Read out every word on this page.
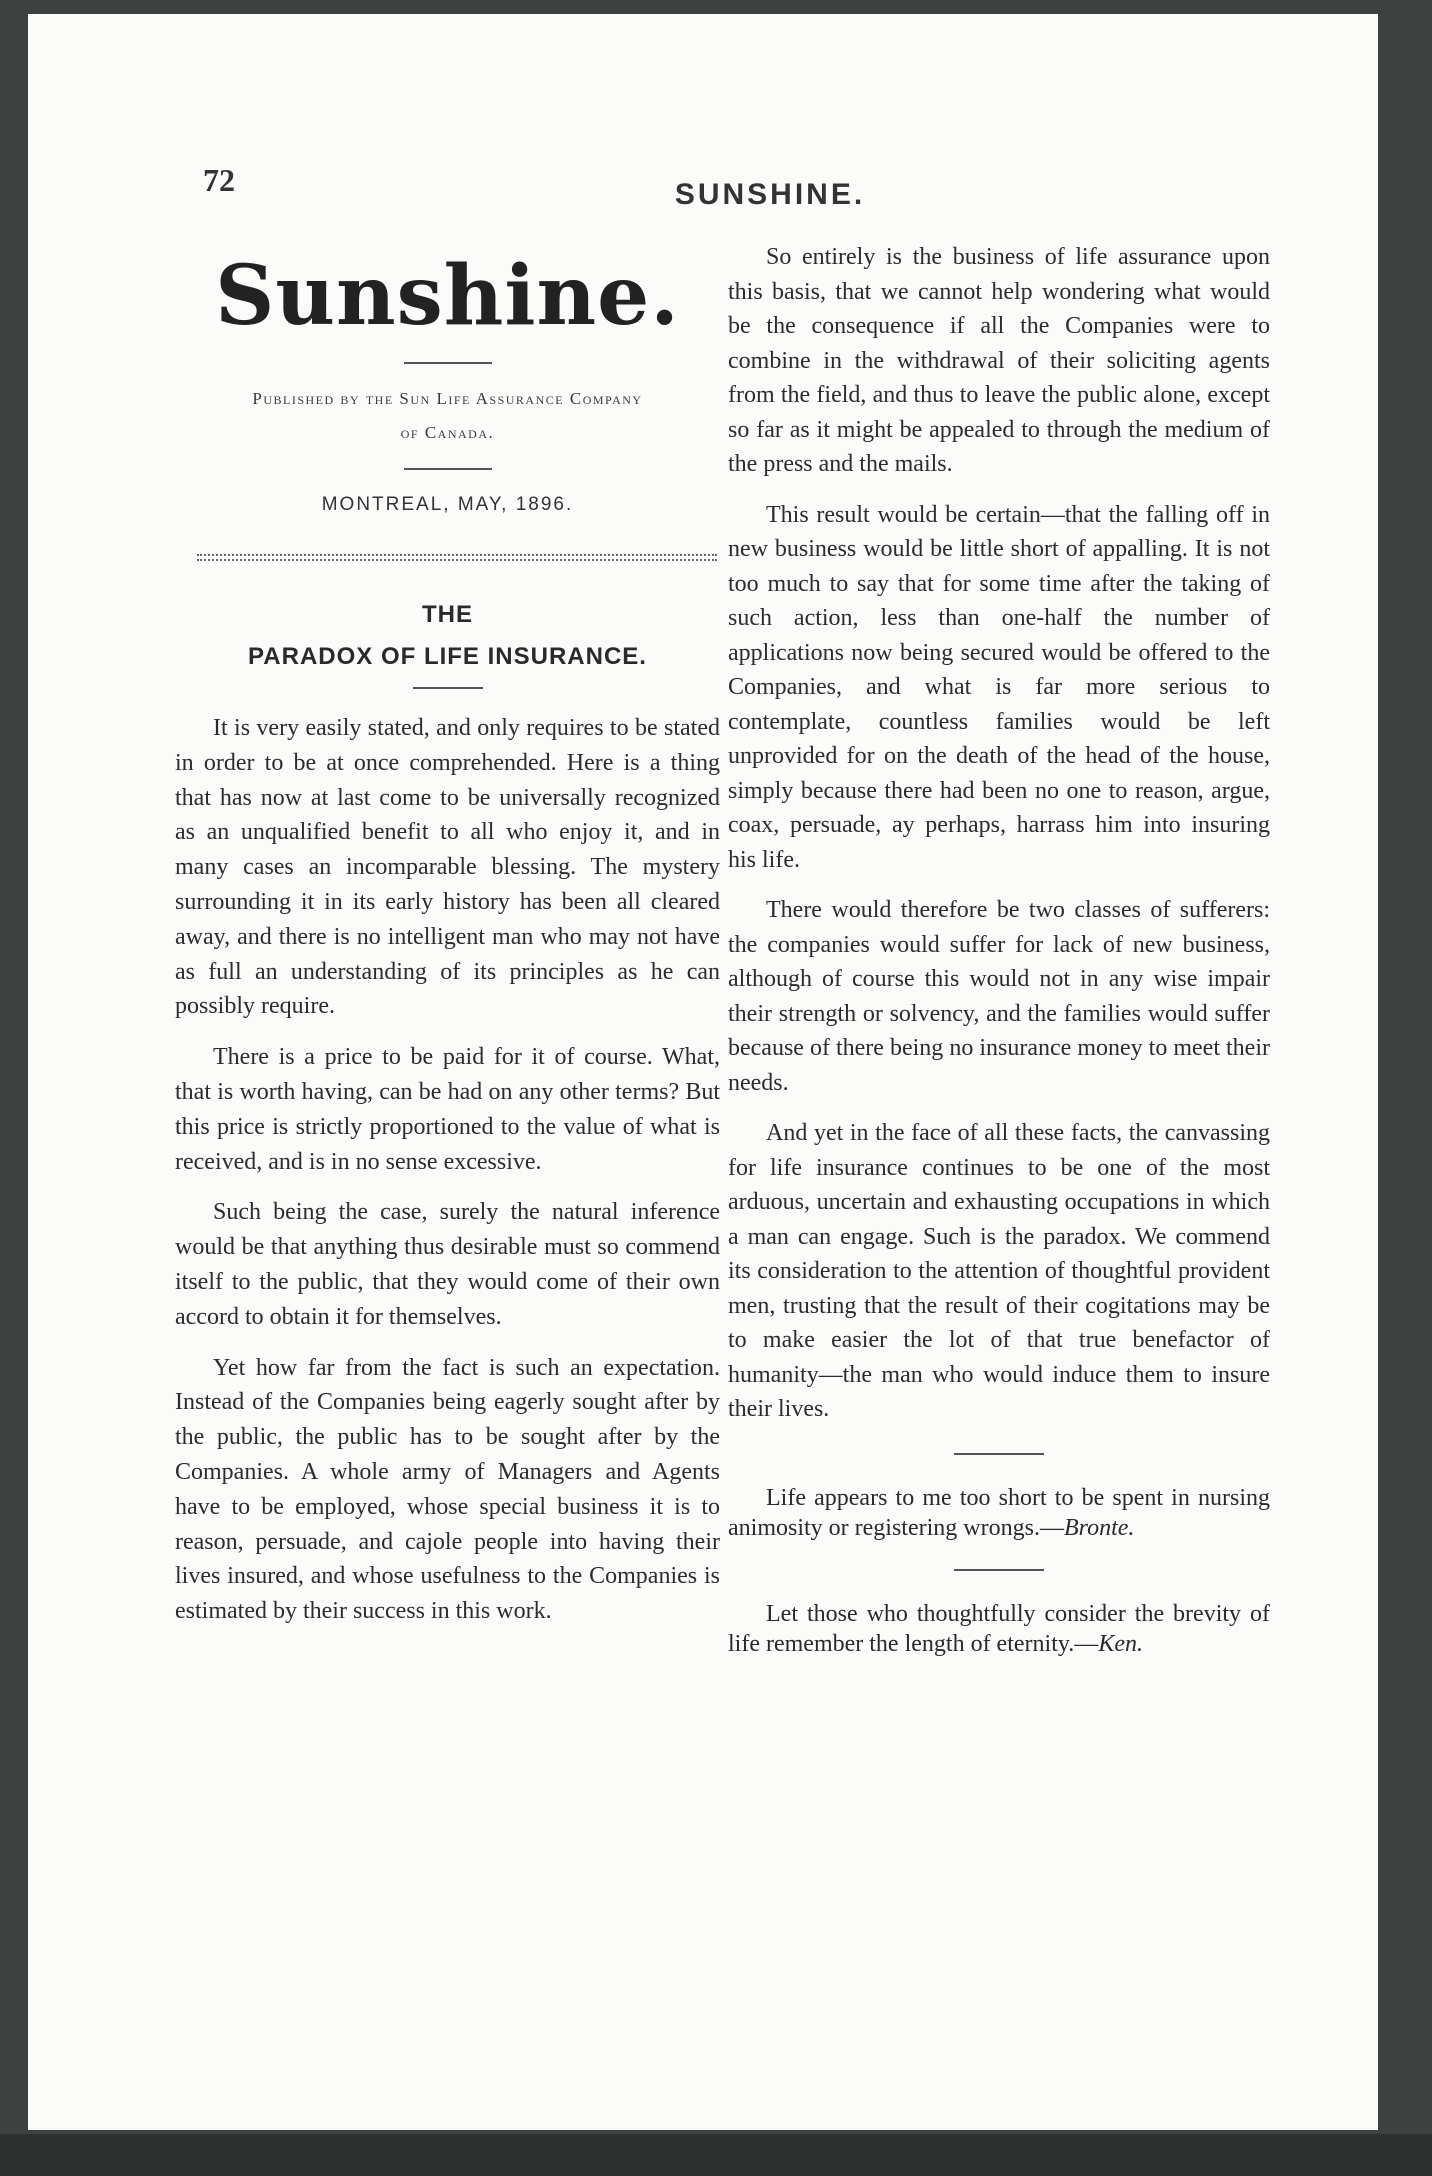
72	SUNSHINE.
Sunshine.
Published by the Sun Life Assurance Company
of Canada.
MONTREAL, MAY, 1896.
THE
PARADOX OF LIFE INSURANCE.

It is very easily stated, and only requires to be stated in order to be at once comprehended. Here is a thing that has now at last come to be universally recognized as an unqualified benefit to all who enjoy it, and in many cases an incomparable blessing. The mystery surrounding it in its early history has been all cleared away, and there is no intelligent man who may not have as full an understanding of its principles as he can possibly require.

There is a price to be paid for it of course. What, that is worth having, can be had on any other terms? But this price is strictly proportioned to the value of what is received, and is in no sense excessive.

Such being the case, surely the natural inference would be that anything thus desirable must so commend itself to the public, that they would come of their own accord to obtain it for themselves.

Yet how far from the fact is such an expectation. Instead of the Companies being eagerly sought after by the public, the public has to be sought after by the Companies. A whole army of Managers and Agents have to be employed, whose special business it is to reason, persuade, and cajole people into having their lives insured, and whose usefulness to the Companies is estimated by their success in this work.

So entirely is the business of life assurance upon this basis, that we cannot help wondering what would be the consequence if all the Companies were to combine in the withdrawal of their soliciting agents from the field, and thus to leave the public alone, except so far as it might be appealed to through the medium of the press and the mails.

This result would be certain—that the falling off in new business would be little short of appalling. It is not too much to say that for some time after the taking of such action, less than one-half the number of applications now being secured would be offered to the Companies, and what is far more serious to contemplate, countless families would be left unprovided for on the death of the head of the house, simply because there had been no one to reason, argue, coax, persuade, ay perhaps, harrass him into insuring his life.

There would therefore be two classes of sufferers: the companies would suffer for lack of new business, although of course this would not in any wise impair their strength or solvency, and the families would suffer because of there being no insurance money to meet their needs.

And yet in the face of all these facts, the canvassing for life insurance continues to be one of the most arduous, uncertain and exhausting occupations in which a man can engage. Such is the paradox. We commend its consideration to the attention of thoughtful provident men, trusting that the result of their cogitations may be to make easier the lot of that true benefactor of humanity—the man who would induce them to insure their lives.

Life appears to me too short to be spent in nursing animosity or registering wrongs.—Bronte.

Let those who thoughtfully consider the brevity of life remember the length of eternity.—Ken.
